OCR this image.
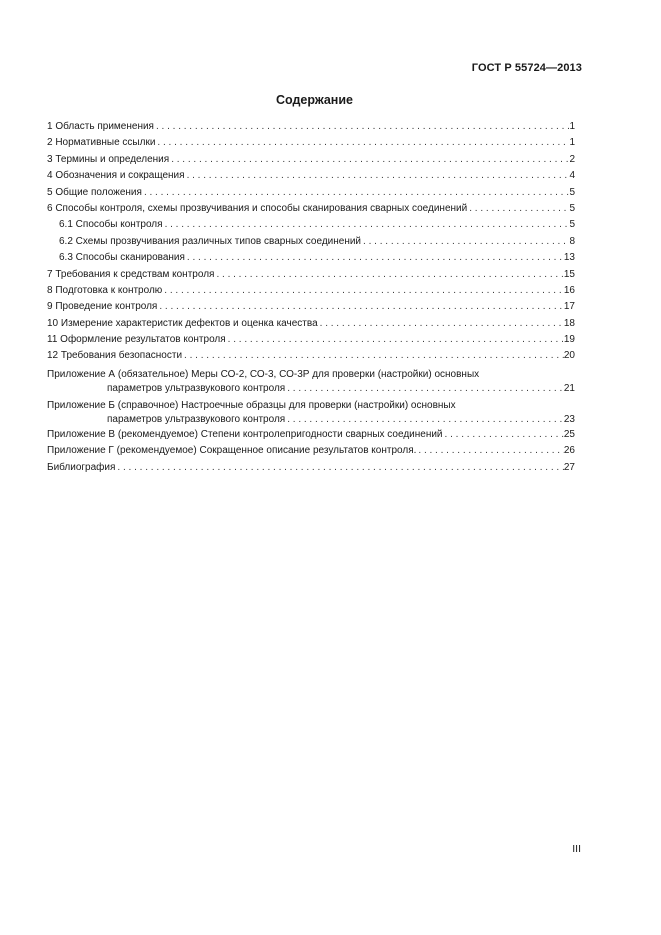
ГОСТ Р 55724—2013
Содержание
1 Область применения . . .	1
2 Нормативные ссылки . . .	1
3 Термины и определения . . .	2
4 Обозначения и сокращения . . .	4
5 Общие положения . . .	5
6 Способы контроля, схемы прозвучивания и способы сканирования сварных соединений . . .	5
6.1 Способы контроля . . .	5
6.2 Схемы прозвучивания различных типов сварных соединений . . .	8
6.3 Способы сканирования . . .	13
7 Требования к средствам контроля . . .	15
8 Подготовка к контролю . . .	16
9 Проведение контроля . . .	17
10 Измерение характеристик дефектов и оценка качества . . .	18
11 Оформление результатов контроля . . .	19
12 Требования безопасности . . .	20
Приложение А (обязательное) Меры СО-2, СО-3, СО-3Р для проверки (настройки) основных
параметров ультразвукового контроля . . .	21
Приложение Б (справочное) Настроечные образцы для проверки (настройки) основных
параметров ультразвукового контроля . . .	23
Приложение В (рекомендуемое) Степени контролепригодности сварных соединений . . .	25
Приложение Г (рекомендуемое) Сокращенное описание результатов контроля. . . .	26
Библиография . . .	27
III
